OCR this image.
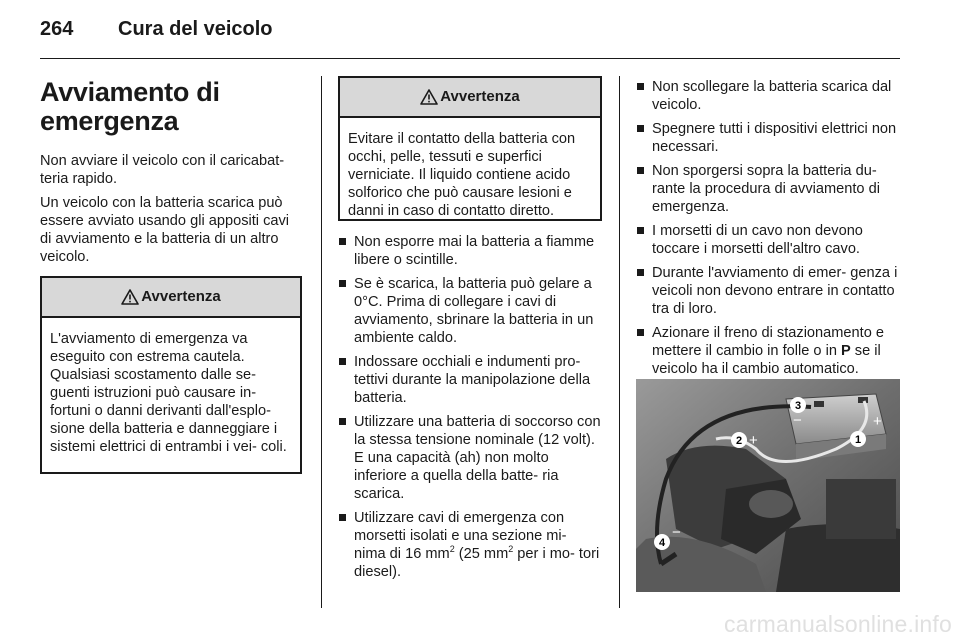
264 Cura del veicolo
Avviamento di
emergenza

Non avviare il veicolo con il caricabat- teria rapido.

Un veicolo con la batteria scarica può essere avviato usando gli appositi cavi di avviamento e la batteria di un altro veicolo.

Avvertenza
L'avviamento di emergenza va eseguito con estrema cautela. Qualsiasi scostamento dalle se- guenti istruzioni può causare in- fortuni o danni derivanti dall'esplo- sione della batteria e danneggiare i sistemi elettrici di entrambi i vei- coli.
Avvertenza
Evitare il contatto della batteria con occhi, pelle, tessuti e superfici verniciate. Il liquido contiene acido solforico che può causare lesioni e danni in caso di contatto diretto.
Non esporre mai la batteria a fiamme libere o scintille.
Se è scarica, la batteria può gelare a 0°C. Prima di collegare i cavi di avviamento, sbrinare la batteria in un ambiente caldo.
Indossare occhiali e indumenti pro- tettivi durante la manipolazione della batteria.
Utilizzare una batteria di soccorso con la stessa tensione nominale (12 volt). E una capacità (ah) non molto inferiore a quella della batte- ria scarica.
Utilizzare cavi di emergenza con morsetti isolati e una sezione mi- nima di 16 $mm^2$ (25 $mm^2$ per i mo- tori diesel).
Non scollegare la batteria scarica dal veicolo.
Spegnere tutti i dispositivi elettrici non necessari.
Non sporgersi sopra la batteria du- rante la procedura di avviamento di emergenza.
I morsetti di un cavo non devono toccare i morsetti dell'altro cavo.
Durante l'avviamento di emer- genza i veicoli non devono entrare in contatto tra di loro.
Azionare il freno di stazionamento e mettere il cambio in folle o in P se il veicolo ha il cambio automatico.
1
+
2 +
3
−
4
−
carmanualsonline.info
